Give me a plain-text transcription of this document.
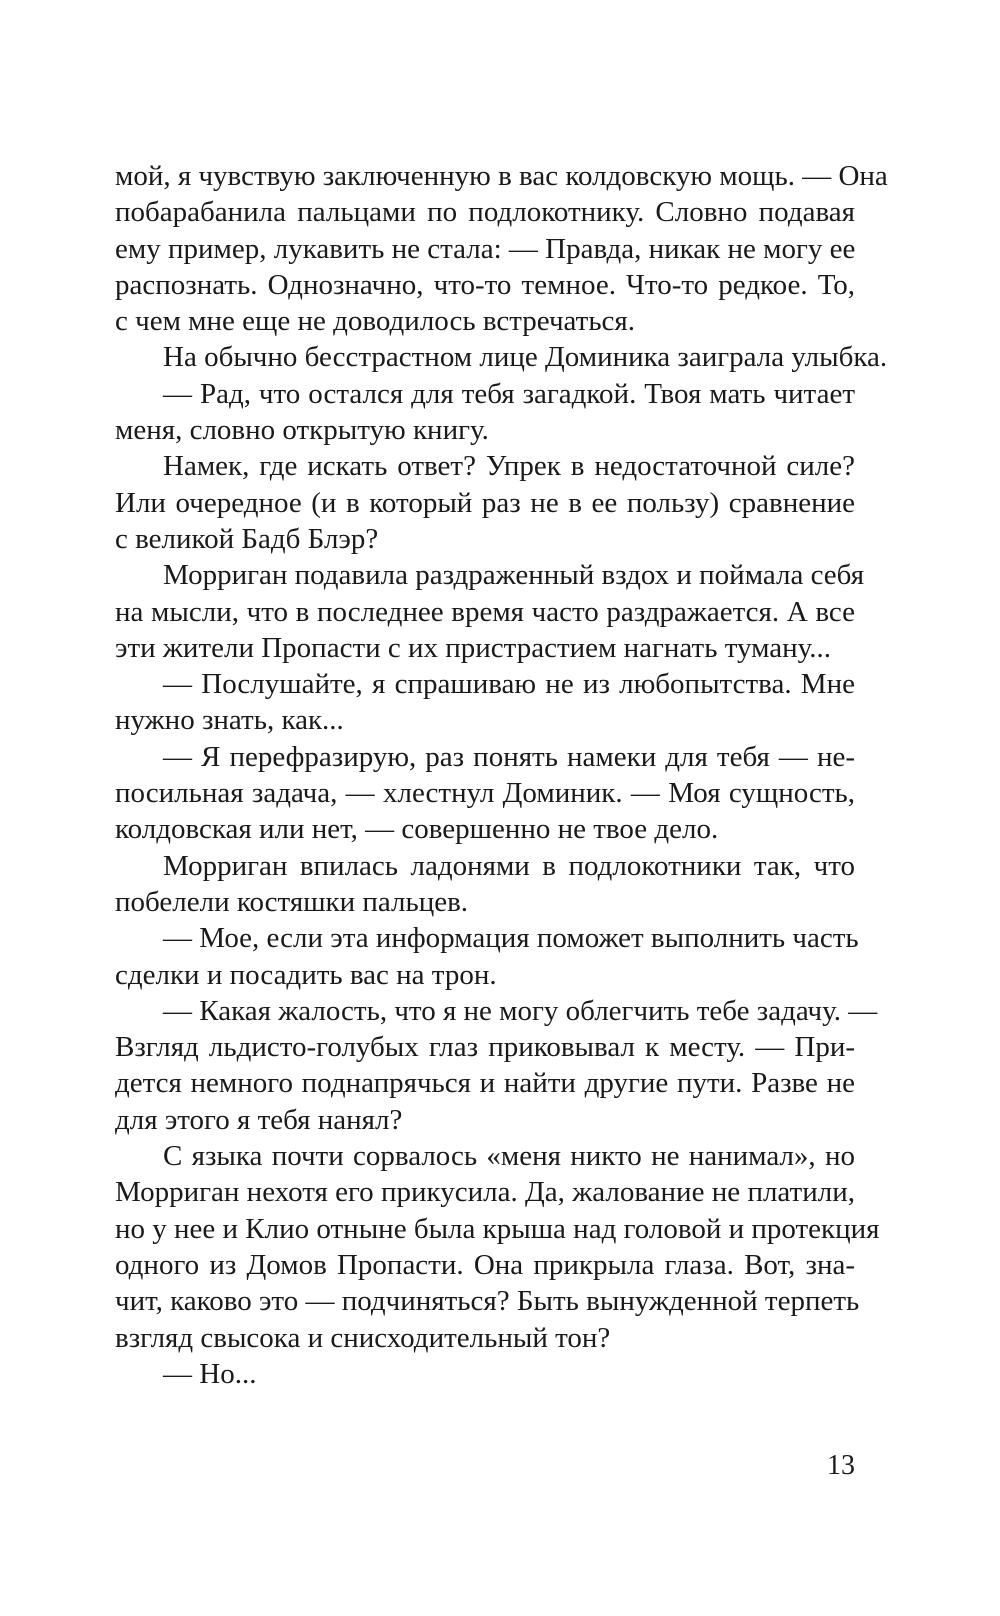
мой, я чувствую заключенную в вас колдовскую мощь. — Она
побарабанила пальцами по подлокотнику. Словно подавая
ему пример, лукавить не стала: — Правда, никак не могу ее
распознать. Однозначно, что-то темное. Что-то редкое. То,
с чем мне еще не доводилось встречаться.
На обычно бесстрастном лице Доминика заиграла улыбка.
— Рад, что остался для тебя загадкой. Твоя мать читает
меня, словно открытую книгу.
Намек, где искать ответ? Упрек в недостаточной силе?
Или очередное (и в который раз не в ее пользу) сравнение
с великой Бадб Блэр?
Морриган подавила раздраженный вздох и поймала себя
на мысли, что в последнее время часто раздражается. А все
эти жители Пропасти с их пристрастием нагнать туману...
— Послушайте, я спрашиваю не из любопытства. Мне
нужно знать, как...
— Я перефразирую, раз понять намеки для тебя — не-
посильная задача, — хлестнул Доминик. — Моя сущность,
колдовская или нет, — совершенно не твое дело.
Морриган впилась ладонями в подлокотники так, что
побелели костяшки пальцев.
— Мое, если эта информация поможет выполнить часть
сделки и посадить вас на трон.
— Какая жалость, что я не могу облегчить тебе задачу. —
Взгляд льдисто-голубых глаз приковывал к месту. — При-
дется немного поднапрячься и найти другие пути. Разве не
для этого я тебя нанял?
С языка почти сорвалось «меня никто не нанимал», но
Морриган нехотя его прикусила. Да, жалование не платили,
но у нее и Клио отныне была крыша над головой и протекция
одного из Домов Пропасти. Она прикрыла глаза. Вот, зна-
чит, каково это — подчиняться? Быть вынужденной терпеть
взгляд свысока и снисходительный тон?
— Но...
13
